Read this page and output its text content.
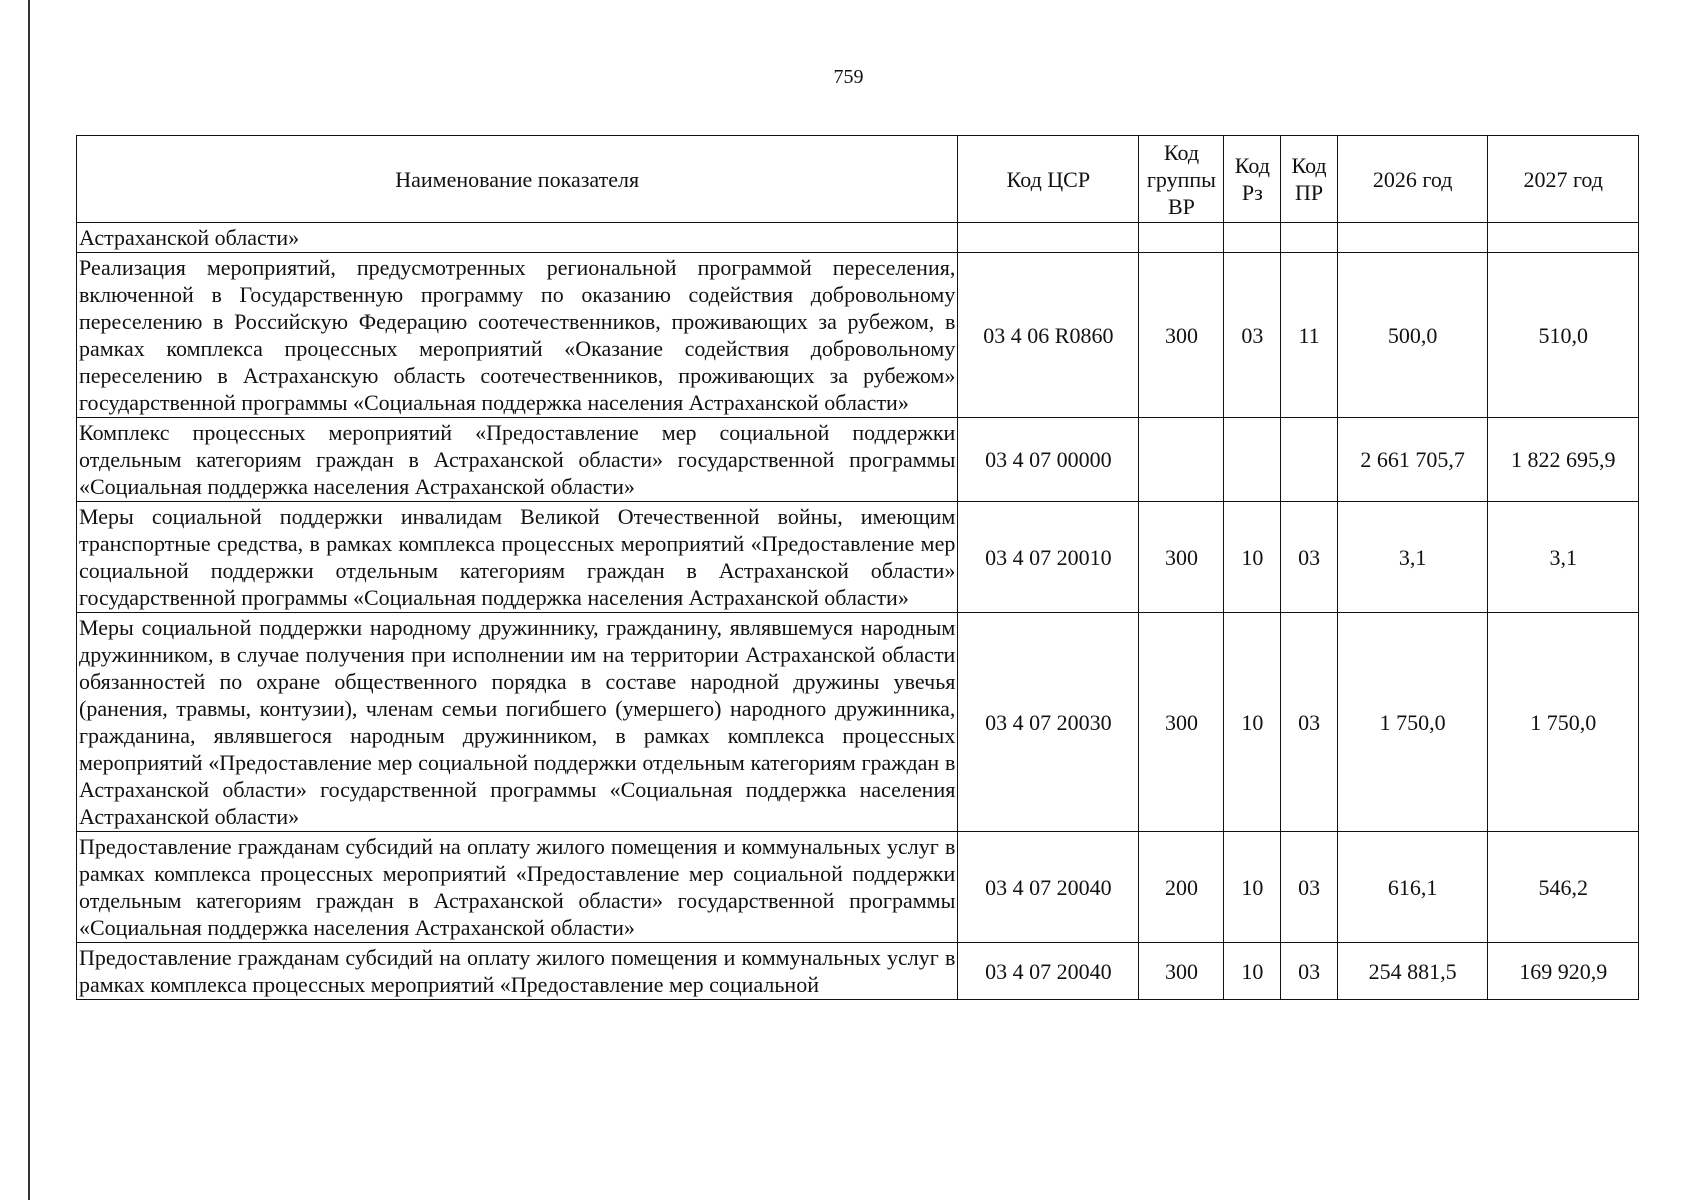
759
Наименование показателя	Код ЦСР	Код группы ВР	Код Рз	Код ПР	2026 год	2027 год
Астраханской области»						
Реализация мероприятий, предусмотренных региональной программой переселения, включенной в Государственную программу по оказанию содействия добровольному переселению в Российскую Федерацию соотечественников, проживающих за рубежом, в рамках комплекса процессных мероприятий «Оказание содействия добровольному переселению в Астраханскую область соотечественников, проживающих за рубежом» государственной программы «Социальная поддержка населения Астраханской области»	03 4 06 R0860	300	03	11	500,0	510,0
Комплекс процессных мероприятий «Предоставление мер социальной поддержки отдельным категориям граждан в Астраханской области» государственной программы «Социальная поддержка населения Астраханской области»	03 4 07 00000				2 661 705,7	1 822 695,9
Меры социальной поддержки инвалидам Великой Отечественной войны, имеющим транспортные средства, в рамках комплекса процессных мероприятий «Предоставление мер социальной поддержки отдельным категориям граждан в Астраханской области» государственной программы «Социальная поддержка населения Астраханской области»	03 4 07 20010	300	10	03	3,1	3,1
Меры социальной поддержки народному дружиннику, гражданину, являвшемуся народным дружинником, в случае получения при исполнении им на территории Астраханской области обязанностей по охране общественного порядка в составе народной дружины увечья (ранения, травмы, контузии), членам семьи погибшего (умершего) народного дружинника, гражданина, являвшегося народным дружинником, в рамках комплекса процессных мероприятий «Предоставление мер социальной поддержки отдельным категориям граждан в Астраханской области» государственной программы «Социальная поддержка населения Астраханской области»	03 4 07 20030	300	10	03	1 750,0	1 750,0
Предоставление гражданам субсидий на оплату жилого помещения и коммунальных услуг в рамках комплекса процессных мероприятий «Предоставление мер социальной поддержки отдельным категориям граждан в Астраханской области» государственной программы «Социальная поддержка населения Астраханской области»	03 4 07 20040	200	10	03	616,1	546,2
Предоставление гражданам субсидий на оплату жилого помещения и коммунальных услуг в рамках комплекса процессных мероприятий «Предоставление мер социальной	03 4 07 20040	300	10	03	254 881,5	169 920,9
